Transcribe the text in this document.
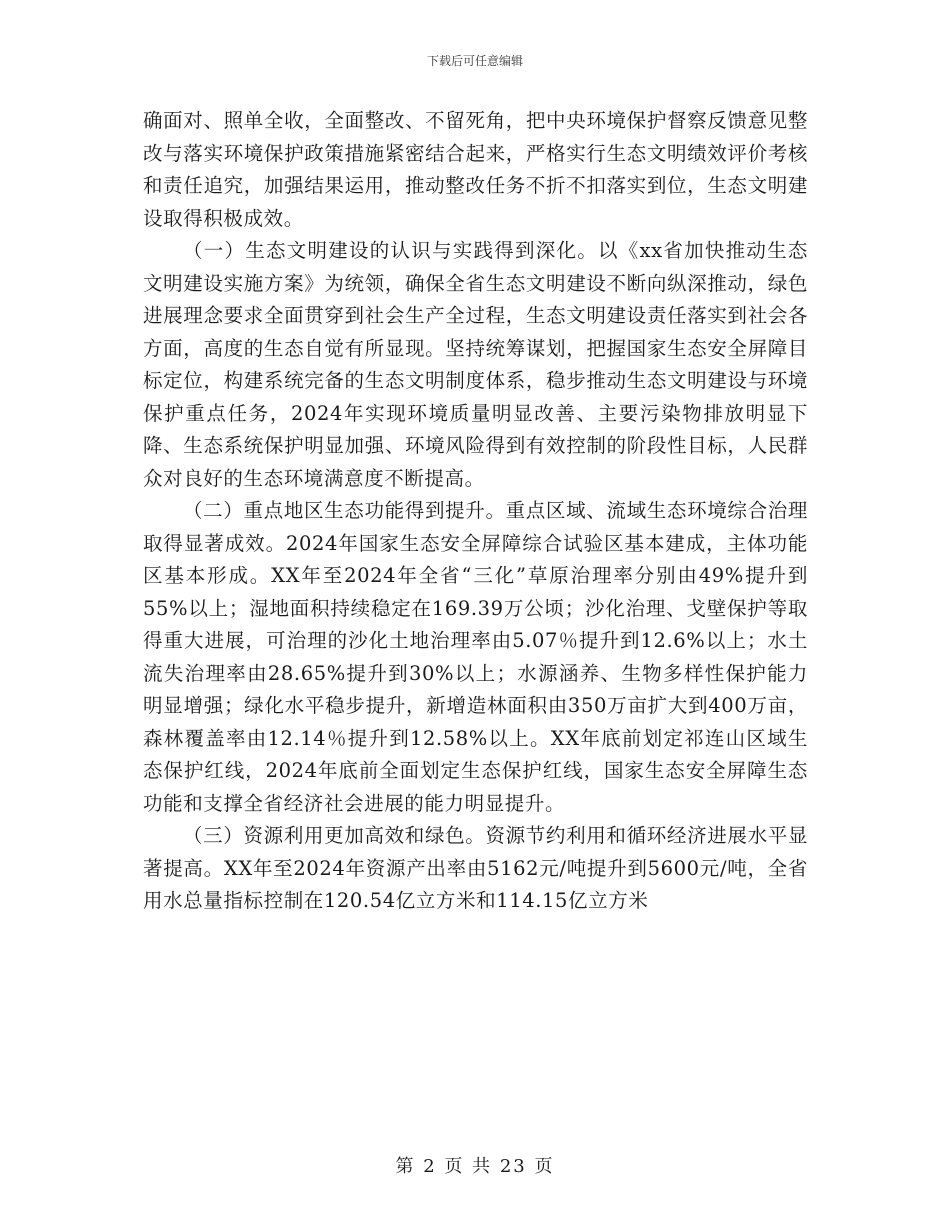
下载后可任意编辑

确面对、照单全收，全面整改、不留死角，把中央环境保护督察反馈意见整改与落实环境保护政策措施紧密结合起来，严格实行生态文明绩效评价考核和责任追究，加强结果运用，推动整改任务不折不扣落实到位，生态文明建设取得积极成效。

（一）生态文明建设的认识与实践得到深化。以《xx省加快推动生态文明建设实施方案》为统领，确保全省生态文明建设不断向纵深推动，绿色进展理念要求全面贯穿到社会生产全过程，生态文明建设责任落实到社会各方面，高度的生态自觉有所显现。坚持统筹谋划，把握国家生态安全屏障目标定位，构建系统完备的生态文明制度体系，稳步推动生态文明建设与环境保护重点任务，2024年实现环境质量明显改善、主要污染物排放明显下降、生态系统保护明显加强、环境风险得到有效控制的阶段性目标，人民群众对良好的生态环境满意度不断提高。

（二）重点地区生态功能得到提升。重点区域、流域生态环境综合治理取得显著成效。2024年国家生态安全屏障综合试验区基本建成，主体功能区基本形成。XX年至2024年全省“三化”草原治理率分别由49%提升到55%以上；湿地面积持续稳定在169.39万公顷；沙化治理、戈壁保护等取得重大进展，可治理的沙化土地治理率由5.07％提升到12.6%以上；水土流失治理率由28.65%提升到30%以上；水源涵养、生物多样性保护能力明显增强；绿化水平稳步提升，新增造林面积由350万亩扩大到400万亩，森林覆盖率由12.14％提升到12.58%以上。XX年底前划定祁连山区域生态保护红线，2024年底前全面划定生态保护红线，国家生态安全屏障生态功能和支撑全省经济社会进展的能力明显提升。

（三）资源利用更加高效和绿色。资源节约利用和循环经济进展水平显著提高。XX年至2024年资源产出率由5162元/吨提升到5600元/吨，全省用水总量指标控制在120.54亿立方米和114.15亿立方米

第 2 页 共 23 页
